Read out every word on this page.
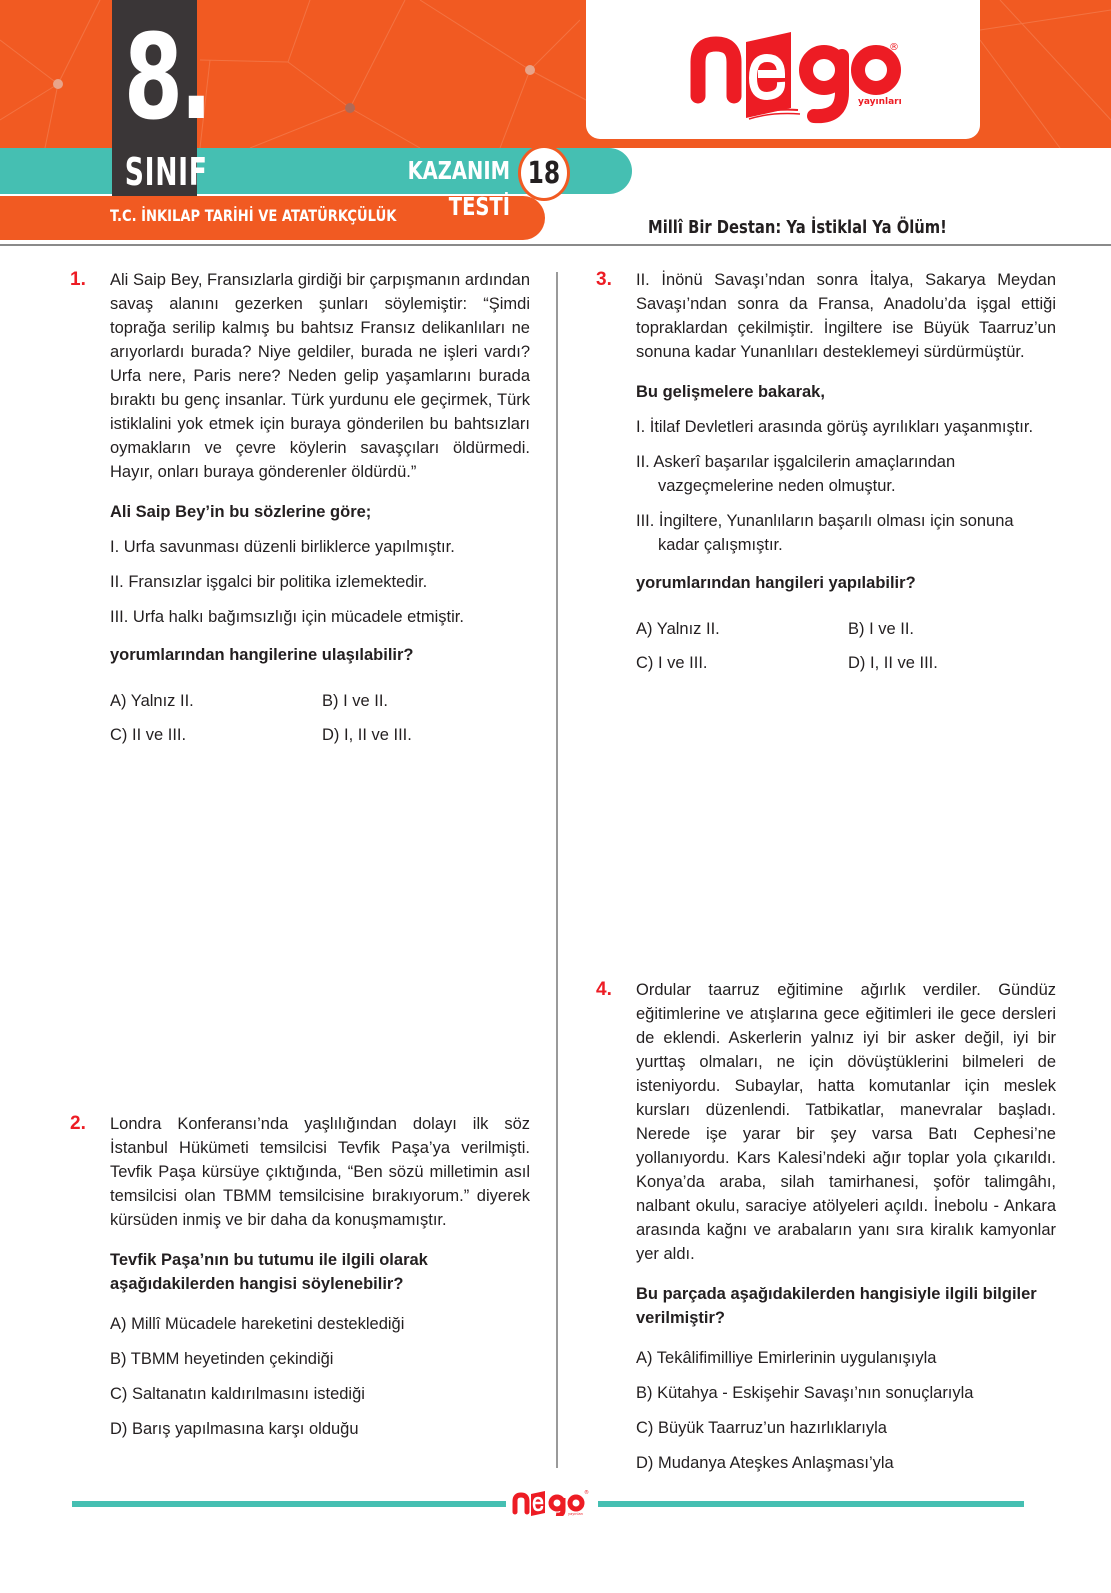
®
yayınları
8.
SINIF	KAZANIM TESTİ
18
T.C. İNKILAP TARİHİ VE ATATÜRKÇÜLÜK
Millî Bir Destan: Ya İstiklal Ya Ölüm!
1. Ali Saip Bey, Fransızlarla girdiği bir çarpışmanın ardından savaş alanını gezerken şunları söylemiştir: “Şimdi toprağa serilip kalmış bu bahtsız Fransız delikanlıları ne arıyorlardı burada? Niye geldiler, burada ne işleri vardı? Urfa nere, Paris nere? Neden gelip yaşamlarını burada bıraktı bu genç insanlar. Türk yurdunu ele geçirmek, Türk istiklalini yok etmek için buraya gönderilen bu bahtsızları oymakların ve çevre köylerin savaşçıları öldürmedi. Hayır, onları buraya gönderenler öldürdü.”
Ali Saip Bey’in bu sözlerine göre;
I. Urfa savunması düzenli birliklerce yapılmıştır.
II. Fransızlar işgalci bir politika izlemektedir.
III. Urfa halkı bağımsızlığı için mücadele etmiştir.
yorumlarından hangilerine ulaşılabilir?
A) Yalnız II.	B) I ve II.
C) II ve III.	D) I, II ve III.
2. Londra Konferansı’nda yaşlılığından dolayı ilk söz İstanbul Hükümeti temsilcisi Tevfik Paşa’ya verilmişti. Tevfik Paşa kürsüye çıktığında, “Ben sözü milletimin asıl temsilcisi olan TBMM temsilcisine bırakıyorum.” diyerek kürsüden inmiş ve bir daha da konuşmamıştır.
Tevfik Paşa’nın bu tutumu ile ilgili olarak aşağıdakilerden hangisi söylenebilir?
A) Millî Mücadele hareketini desteklediği
B) TBMM heyetinden çekindiği
C) Saltanatın kaldırılmasını istediği
D) Barış yapılmasına karşı olduğu
3. II. İnönü Savaşı’ndan sonra İtalya, Sakarya Meydan Savaşı’ndan sonra da Fransa, Anadolu’da işgal ettiği topraklardan çekilmiştir. İngiltere ise Büyük Taarruz’un sonuna kadar Yunanlıları desteklemeyi sürdürmüştür.
Bu gelişmelere bakarak,
I. İtilaf Devletleri arasında görüş ayrılıkları yaşanmıştır.
II. Askerî başarılar işgalcilerin amaçlarından vazgeçmelerine neden olmuştur.
III. İngiltere, Yunanlıların başarılı olması için sonuna kadar çalışmıştır.
yorumlarından hangileri yapılabilir?
A) Yalnız II.	B) I ve II.
C) I ve III.	D) I, II ve III.
4. Ordular taarruz eğitimine ağırlık verdiler. Gündüz eğitimlerine ve atışlarına gece eğitimleri ile gece dersleri de eklendi. Askerlerin yalnız iyi bir asker değil, iyi bir yurttaş olmaları, ne için dövüştüklerini bilmeleri de isteniyordu. Subaylar, hatta komutanlar için meslek kursları düzenlendi. Tatbikatlar, manevralar başladı. Nerede işe yarar bir şey varsa Batı Cephesi’ne yollanıyordu. Kars Kalesi’ndeki ağır toplar yola çıkarıldı. Konya’da araba, silah tamirhanesi, şoför talimgâhı, nalbant okulu, saraciye atölyeleri açıldı. İnebolu - Ankara arasında kağnı ve arabaların yanı sıra kiralık kamyonlar yer aldı.
Bu parçada aşağıdakilerden hangisiyle ilgili bilgiler verilmiştir?
A) Tekâlifimilliye Emirlerinin uygulanışıyla
B) Kütahya - Eskişehir Savaşı’nın sonuçlarıyla
C) Büyük Taarruz’un hazırlıklarıyla
D) Mudanya Ateşkes Anlaşması’yla
®
yayınları
